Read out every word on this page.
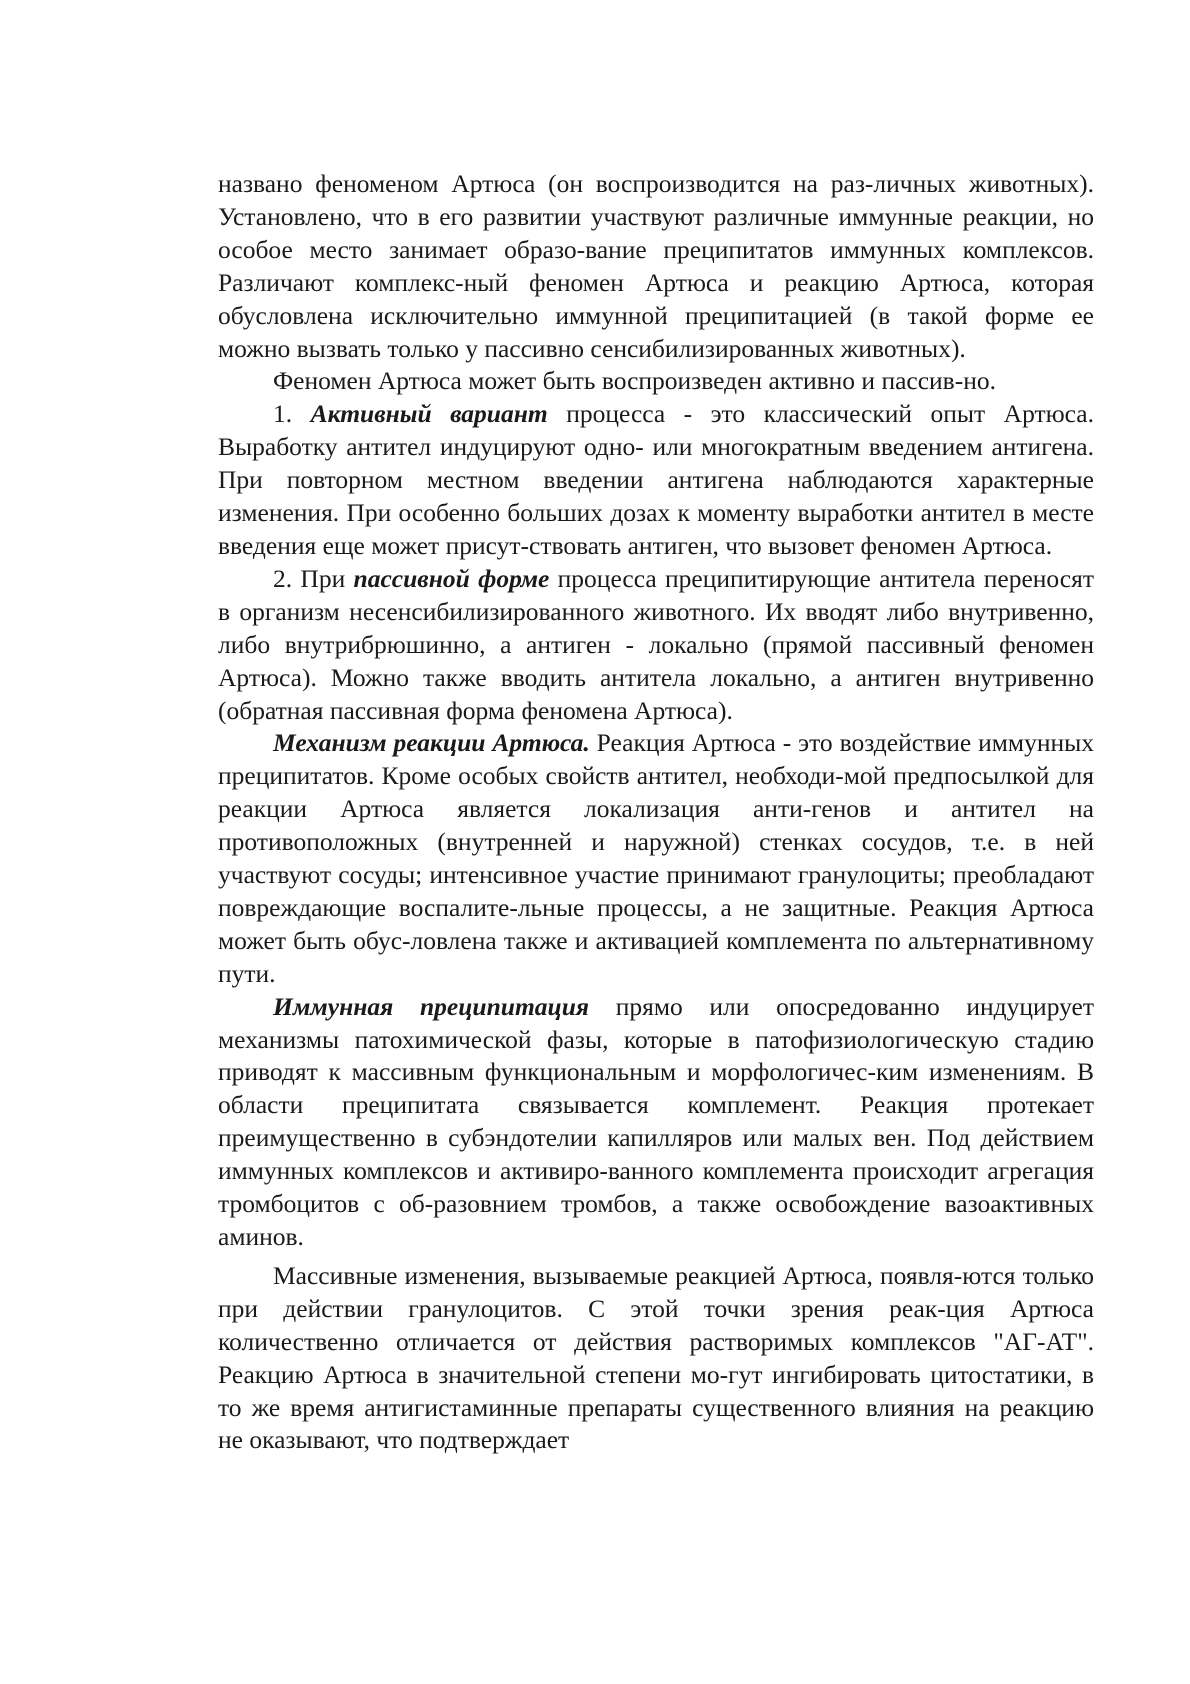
названо феноменом Артюса (он воспроизводится на раз-личных животных). Установлено, что в его развитии участвуют различные иммунные реакции, но особое место занимает образо-вание преципитатов иммунных комплексов. Различают комплекс-ный феномен Артюса и реакцию Артюса, которая обусловлена исключительно иммунной преципитацией (в такой форме ее можно вызвать только у пассивно сенсибилизированных животных).

Феномен Артюса может быть воспроизведен активно и пассив-но.

1. Активный вариант процесса - это классический опыт Артюса. Выработку антител индуцируют одно- или многократным введением антигена. При повторном местном введении антигена наблюдаются характерные изменения. При особенно больших дозах к моменту выработки антител в месте введения еще может присут-ствовать антиген, что вызовет феномен Артюса.

2. При пассивной форме процесса преципитирующие антитела переносят в организм несенсибилизированного животного. Их вводят либо внутривенно, либо внутрибрюшинно, а антиген - локально (прямой пассивный феномен Артюса). Можно также вводить антитела локально, а антиген внутривенно (обратная пассивная форма феномена Артюса).

Механизм реакции Артюса. Реакция Артюса - это воздействие иммунных преципитатов. Кроме особых свойств антител, необходи-мой предпосылкой для реакции Артюса является локализация анти-генов и антител на противоположных (внутренней и наружной) стенках сосудов, т.е. в ней участвуют сосуды; интенсивное участие принимают гранулоциты; преобладают повреждающие воспалите-льные процессы, а не защитные. Реакция Артюса может быть обус-ловлена также и активацией комплемента по альтернативному пути.

Иммунная преципитация прямо или опосредованно индуцирует механизмы патохимической фазы, которые в патофизиологическую стадию приводят к массивным функциональным и морфологичес-ким изменениям. В области преципитата связывается комплемент. Реакция протекает преимущественно в субэндотелии капилляров или малых вен. Под действием иммунных комплексов и активиро-ванного комплемента происходит агрегация тромбоцитов с об-разовнием тромбов, а также освобождение вазоактивных аминов.

Массивные изменения, вызываемые реакцией Артюса, появля-ются только при действии гранулоцитов. С этой точки зрения реак-ция Артюса количественно отличается от действия растворимых комплексов "АГ-АТ". Реакцию Артюса в значительной степени мо-гут ингибировать цитостатики, в то же время антигистаминные препараты существенного влияния на реакцию не оказывают, что подтверждает
